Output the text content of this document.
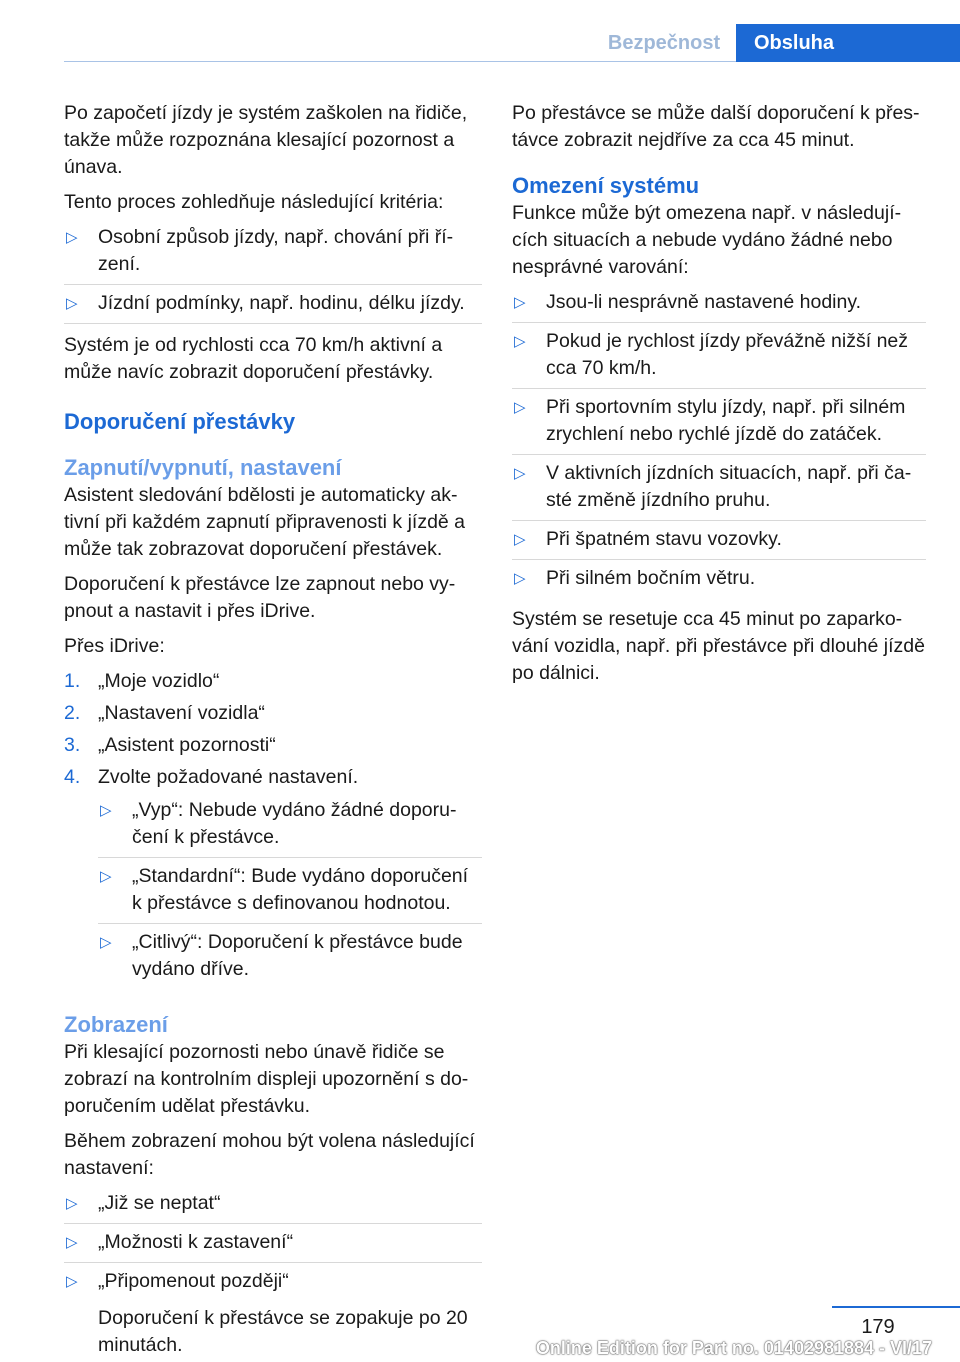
Bezpečnost	Obsluha

Po započetí jízdy je systém zaškolen na řidiče, takže může rozpoznána klesající pozornost a únava.

Tento proces zohledňuje následující kritéria:

▷ Osobní způsob jízdy, např. chování při ří- zení.
▷ Jízdní podmínky, např. hodinu, délku jízdy.

Systém je od rychlosti cca 70 km/h aktivní a může navíc zobrazit doporučení přestávky.

Doporučení přestávky
Zapnutí/vypnutí, nastavení

Asistent sledování bdělosti je automaticky ak- tivní při každém zapnutí připravenosti k jízdě a může tak zobrazovat doporučení přestávek.

Doporučení k přestávce lze zapnout nebo vy- pnout a nastavit i přes iDrive.

Přes iDrive:

1. „Moje vozidlo“
2. „Nastavení vozidla“
3. „Asistent pozornosti“
4. Zvolte požadované nastavení.
▷ „Vyp“: Nebude vydáno žádné doporu- čení k přestávce.
▷ „Standardní“: Bude vydáno doporučení k přestávce s definovanou hodnotou.
▷ „Citlivý“: Doporučení k přestávce bude vydáno dříve.
Zobrazení

Při klesající pozornosti nebo únavě řidiče se zobrazí na kontrolním displeji upozornění s do- poručením udělat přestávku.

Během zobrazení mohou být volena následující nastavení:

▷ „Již se neptat“
▷ „Možnosti k zastavení“
▷ „Připomenout později“
Doporučení k přestávce se zopakuje po 20 minutách.

Po přestávce se může další doporučení k přes- távce zobrazit nejdříve za cca 45 minut.

Omezení systému

Funkce může být omezena např. v následují- cích situacích a nebude vydáno žádné nebo nesprávné varování:

▷ Jsou-li nesprávně nastavené hodiny.
▷ Pokud je rychlost jízdy převážně nižší než cca 70 km/h.
▷ Při sportovním stylu jízdy, např. při silném zrychlení nebo rychlé jízdě do zatáček.
▷ V aktivních jízdních situacích, např. při ča- sté změně jízdního pruhu.
▷ Při špatném stavu vozovky.
▷ Při silném bočním větru.

Systém se resetuje cca 45 minut po zaparko- vání vozidla, např. při přestávce při dlouhé jízdě po dálnici.

179
Online Edition for Part no. 01402981884 - VI/17
